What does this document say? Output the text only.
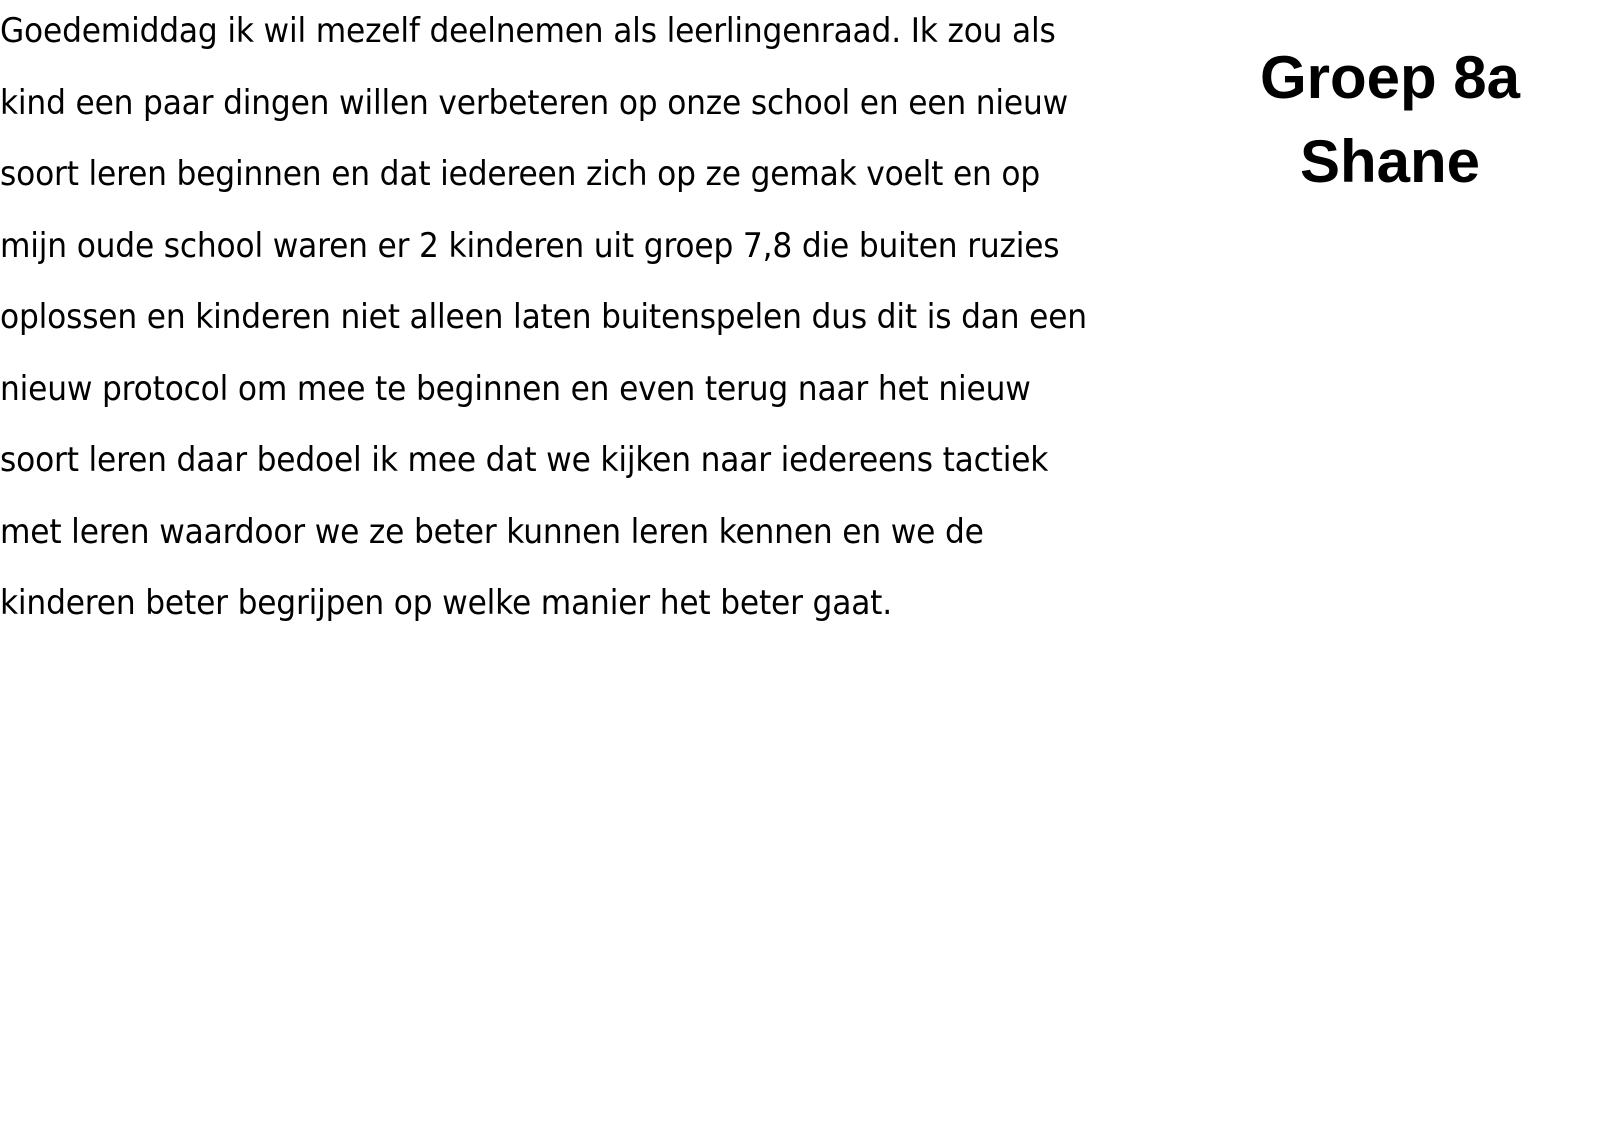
Goedemiddag ik wil mezelf deelnemen als leerlingenraad. Ik zou als
kind een paar dingen willen verbeteren op onze school en een nieuw
soort leren beginnen en dat iedereen zich op ze gemak voelt en op
mijn oude school waren er 2 kinderen uit groep 7,8 die buiten ruzies
oplossen en kinderen niet alleen laten buitenspelen dus dit is dan een
nieuw protocol om mee te beginnen en even terug naar het nieuw
soort leren daar bedoel ik mee dat we kijken naar iedereens tactiek
met leren waardoor we ze beter kunnen leren kennen en we de
kinderen beter begrijpen op welke manier het beter gaat.
Groep 8a
Shane
